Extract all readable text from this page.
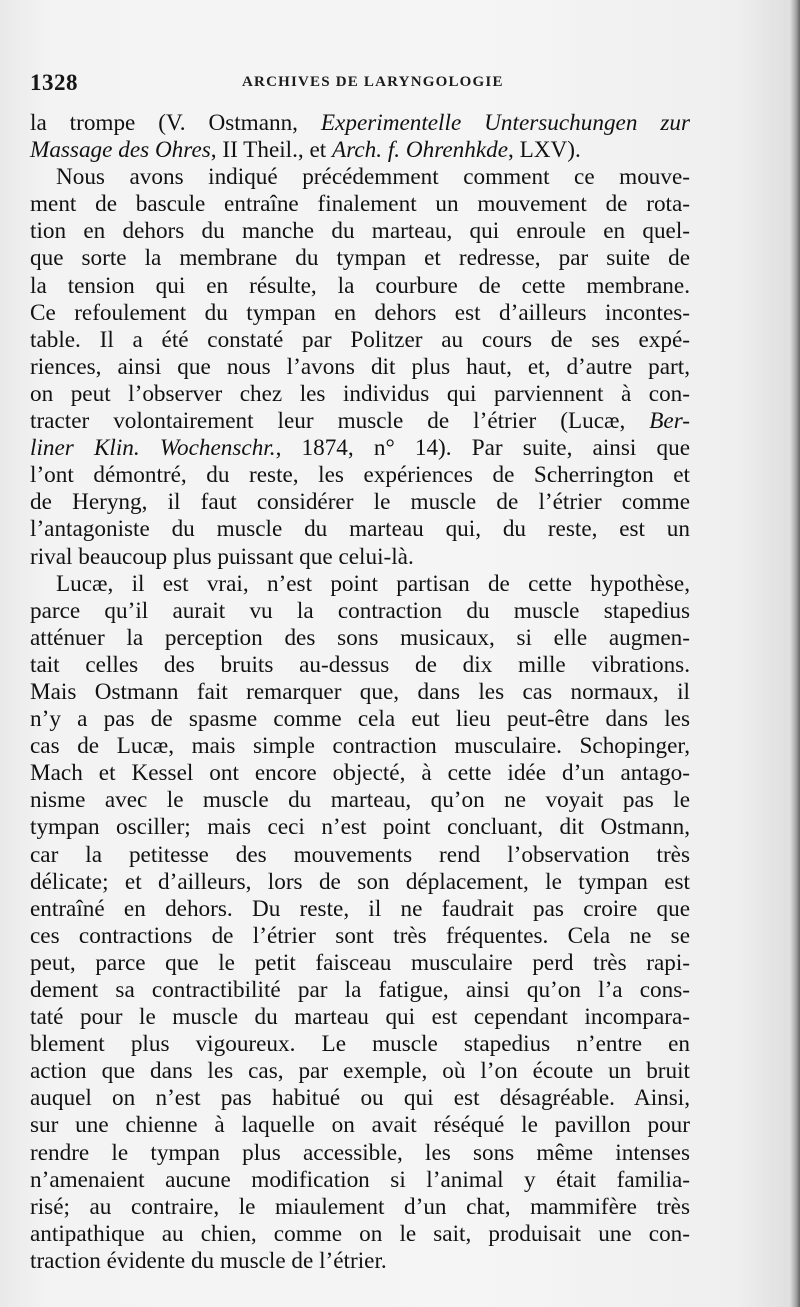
1328	ARCHIVES DE LARYNGOLOGIE
la trompe (V. Ostmann, Experimentelle Untersuchungen zur
Massage des Ohres, II Theil., et Arch. f. Ohrenhkde, LXV).
Nous avons indiqué précédemment comment ce mouve-
ment de bascule entraîne finalement un mouvement de rota-
tion en dehors du manche du marteau, qui enroule en quel-
que sorte la membrane du tympan et redresse, par suite de
la tension qui en résulte, la courbure de cette membrane.
Ce refoulement du tympan en dehors est d’ailleurs incontes-
table. Il a été constaté par Politzer au cours de ses expé-
riences, ainsi que nous l’avons dit plus haut, et, d’autre part,
on peut l’observer chez les individus qui parviennent à con-
tracter volontairement leur muscle de l’étrier (Lucæ, Ber-
liner Klin. Wochenschr., 1874, n° 14). Par suite, ainsi que
l’ont démontré, du reste, les expériences de Scherrington et
de Heryng, il faut considérer le muscle de l’étrier comme
l’antagoniste du muscle du marteau qui, du reste, est un
rival beaucoup plus puissant que celui-là.
Lucæ, il est vrai, n’est point partisan de cette hypothèse,
parce qu’il aurait vu la contraction du muscle stapedius
atténuer la perception des sons musicaux, si elle augmen-
tait celles des bruits au-dessus de dix mille vibrations.
Mais Ostmann fait remarquer que, dans les cas normaux, il
n’y a pas de spasme comme cela eut lieu peut-être dans les
cas de Lucæ, mais simple contraction musculaire. Schopinger,
Mach et Kessel ont encore objecté, à cette idée d’un antago-
nisme avec le muscle du marteau, qu’on ne voyait pas le
tympan osciller; mais ceci n’est point concluant, dit Ostmann,
car la petitesse des mouvements rend l’observation très
délicate; et d’ailleurs, lors de son déplacement, le tympan est
entraîné en dehors. Du reste, il ne faudrait pas croire que
ces contractions de l’étrier sont très fréquentes. Cela ne se
peut, parce que le petit faisceau musculaire perd très rapi-
dement sa contractibilité par la fatigue, ainsi qu’on l’a cons-
taté pour le muscle du marteau qui est cependant incompara-
blement plus vigoureux. Le muscle stapedius n’entre en
action que dans les cas, par exemple, où l’on écoute un bruit
auquel on n’est pas habitué ou qui est désagréable. Ainsi,
sur une chienne à laquelle on avait réséqué le pavillon pour
rendre le tympan plus accessible, les sons même intenses
n’amenaient aucune modification si l’animal y était familia-
risé; au contraire, le miaulement d’un chat, mammifère très
antipathique au chien, comme on le sait, produisait une con-
traction évidente du muscle de l’étrier.
